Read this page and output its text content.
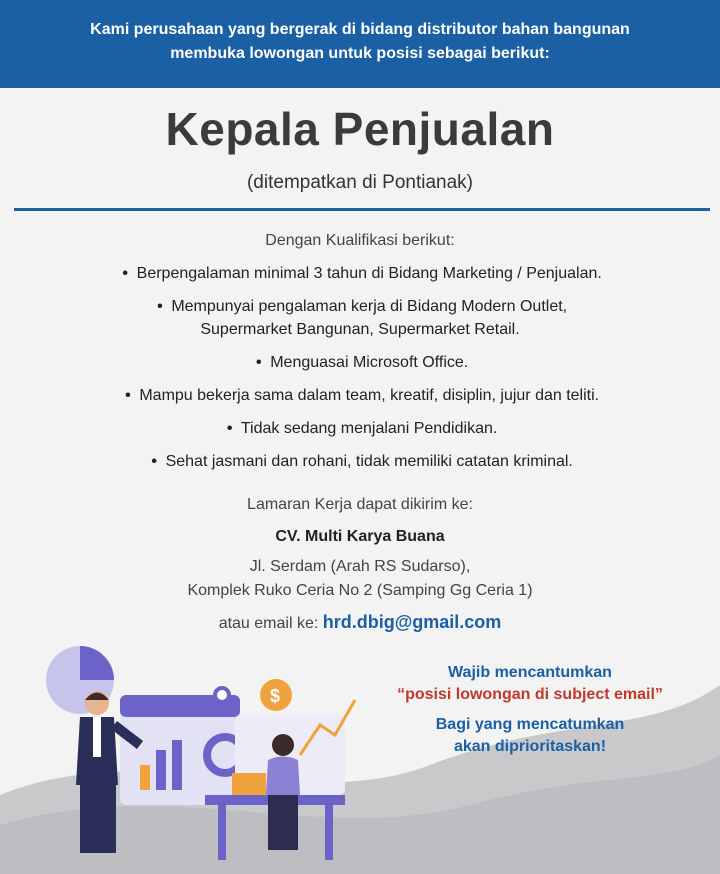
Kami perusahaan yang bergerak di bidang distributor bahan bangunan
membuka lowongan untuk posisi sebagai berikut:
Kepala Penjualan
(ditempatkan di Pontianak)
Dengan Kualifikasi berikut:
• Berpengalaman minimal 3 tahun di Bidang Marketing / Penjualan.
• Mempunyai pengalaman kerja di Bidang Modern Outlet,
Supermarket Bangunan, Supermarket Retail.
• Menguasai Microsoft Office.
• Mampu bekerja sama dalam team, kreatif, disiplin, jujur dan teliti.
• Tidak sedang menjalani Pendidikan.
• Sehat jasmani dan rohani, tidak memiliki catatan kriminal.
Lamaran Kerja dapat dikirim ke:
CV. Multi Karya Buana
Jl. Serdam (Arah RS Sudarso),
Komplek Ruko Ceria No 2 (Samping Gg Ceria 1)
atau email ke: hrd.dbig@gmail.com
$
Wajib mencantumkan
“posisi lowongan di subject email”
Bagi yang mencatumkan
akan diprioritaskan!
